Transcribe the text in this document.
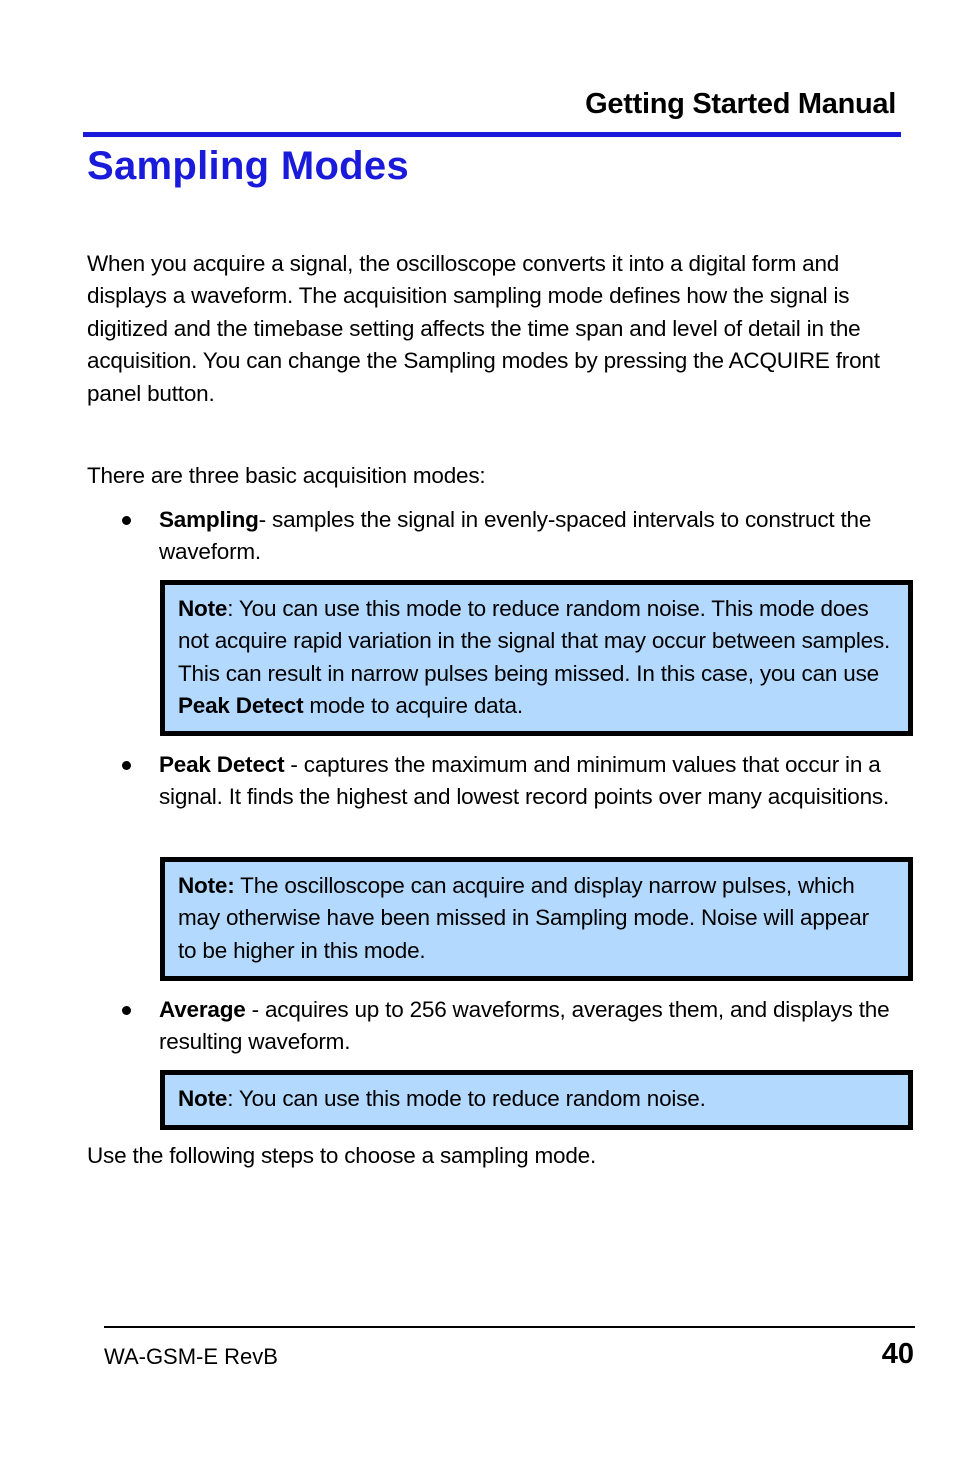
Getting Started Manual
Sampling Modes

When you acquire a signal, the oscilloscope converts it into a digital form and displays a waveform. The acquisition sampling mode defines how the signal is digitized and the timebase setting affects the time span and level of detail in the acquisition. You can change the Sampling modes by pressing the ACQUIRE front panel button.

There are three basic acquisition modes:

Sampling- samples the signal in evenly-spaced intervals to construct the waveform.
Note: You can use this mode to reduce random noise. This mode does not acquire rapid variation in the signal that may occur between samples. This can result in narrow pulses being missed. In this case, you can use Peak Detect mode to acquire data.
Peak Detect - captures the maximum and minimum values that occur in a signal. It finds the highest and lowest record points over many acquisitions.
Note: The oscilloscope can acquire and display narrow pulses, which may otherwise have been missed in Sampling mode. Noise will appear to be higher in this mode.
Average - acquires up to 256 waveforms, averages them, and displays the resulting waveform.
Note: You can use this mode to reduce random noise.

Use the following steps to choose a sampling mode.

WA-GSM-E RevB	40
